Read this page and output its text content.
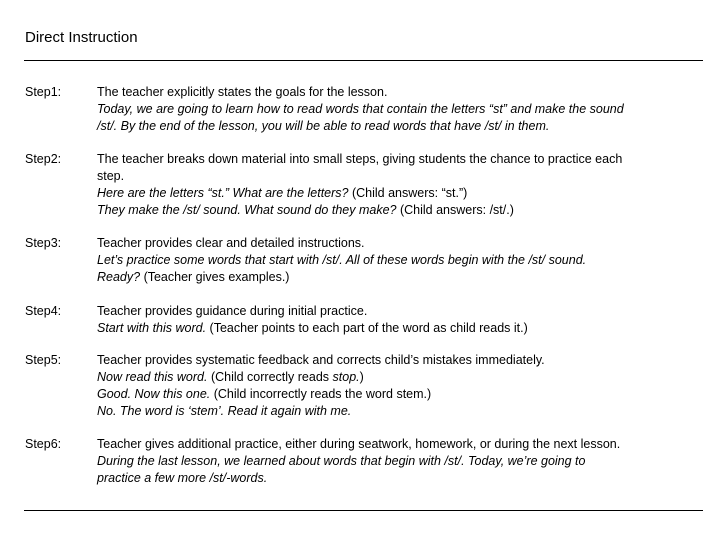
Direct Instruction
Step1:	The teacher explicitly states the goals for the lesson.
Today, we are going to learn how to read words that contain the letters “st” and make the sound
/st/. By the end of the lesson, you will be able to read words that have /st/ in them.
Step2:	The teacher breaks down material into small steps, giving students the chance to practice each
step.
Here are the letters “st.” What are the letters? (Child answers: “st.”)
They make the /st/ sound. What sound do they make? (Child answers: /st/.)
Step3:	Teacher provides clear and detailed instructions.
Let’s practice some words that start with /st/. All of these words begin with the /st/ sound.
Ready? (Teacher gives examples.)
Step4:	Teacher provides guidance during initial practice.
Start with this word. (Teacher points to each part of the word as child reads it.)
Step5:	Teacher provides systematic feedback and corrects child’s mistakes immediately.
Now read this word. (Child correctly reads stop.)
Good. Now this one. (Child incorrectly reads the word stem.)
No. The word is ‘stem’. Read it again with me.
Step6:	Teacher gives additional practice, either during seatwork, homework, or during the next lesson.
During the last lesson, we learned about words that begin with /st/. Today, we’re going to
practice a few more /st/-words.
